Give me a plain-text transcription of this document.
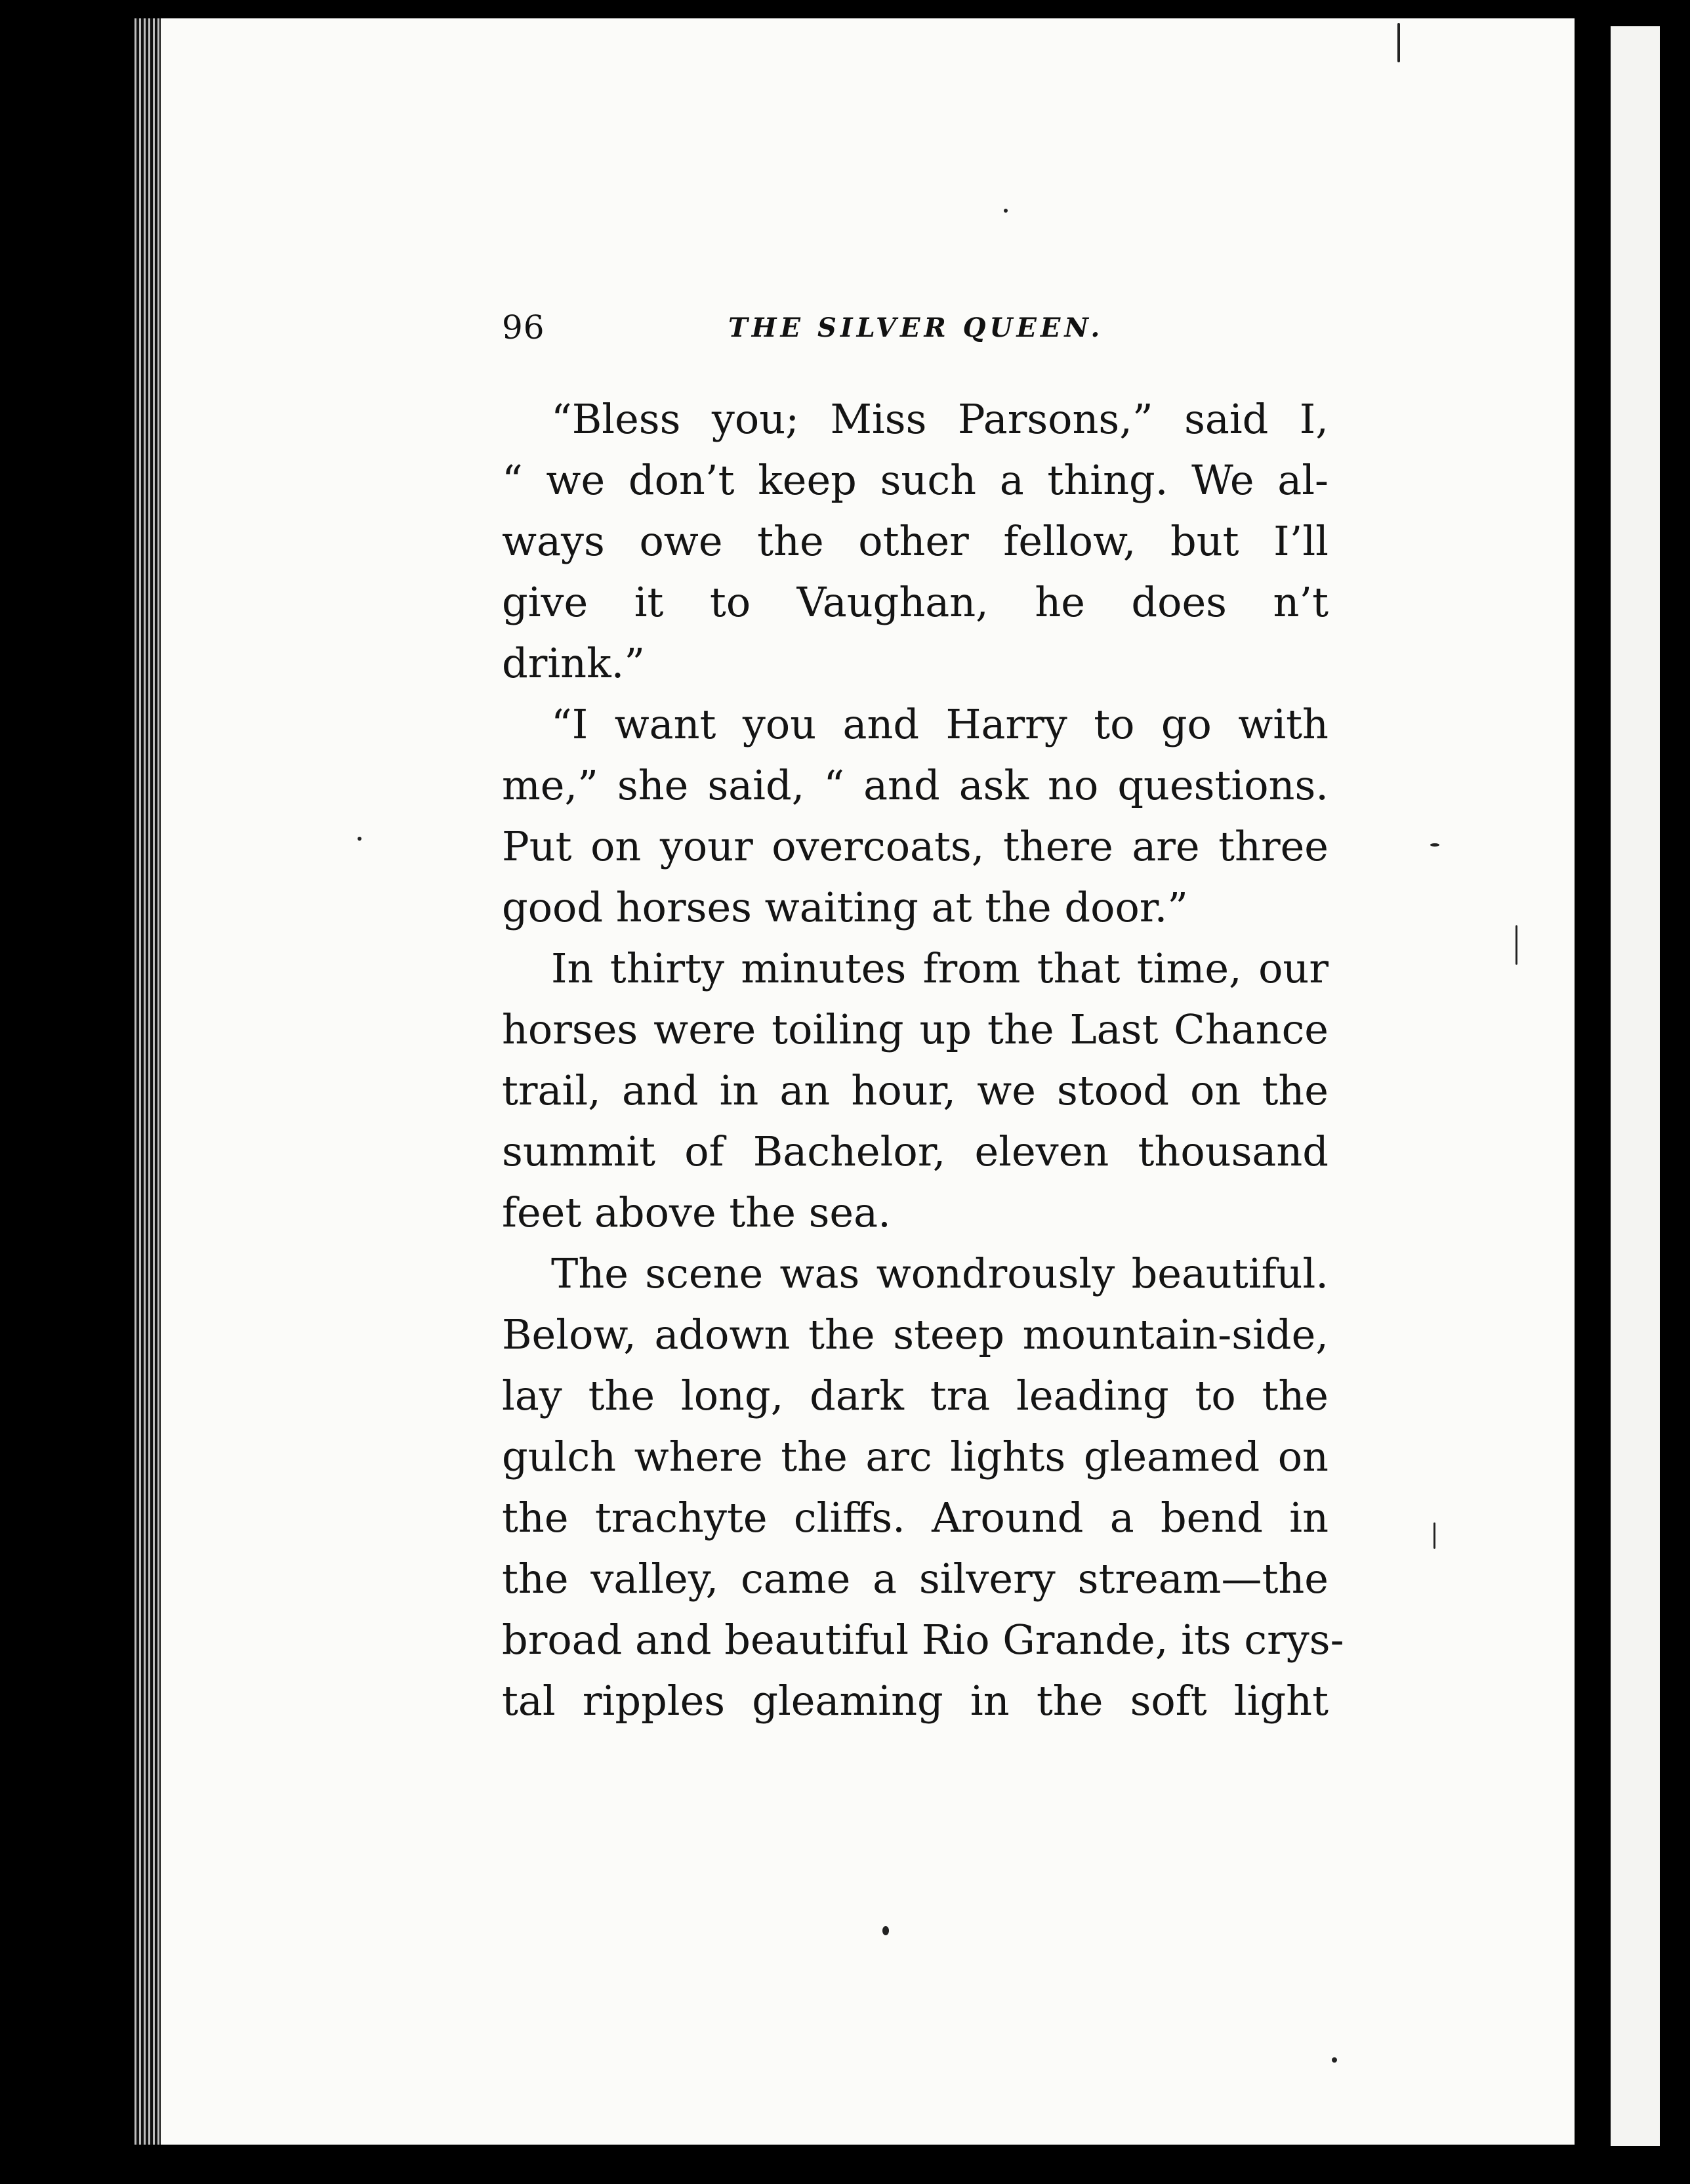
96	THE SILVER QUEEN.
“Bless you; Miss Parsons,” said I,
“ we don’t keep such a thing. We al-
ways owe the other fellow, but I’ll
give it to Vaughan, he does n’t
drink.”
“I want you and Harry to go with
me,” she said, “ and ask no questions.
Put on your overcoats, there are three
good horses waiting at the door.”
In thirty minutes from that time, our
horses were toiling up the Last Chance
trail, and in an hour, we stood on the
summit of Bachelor, eleven thousand
feet above the sea.
The scene was wondrously beautiful.
Below, adown the steep mountain-side,
lay the long, dark tra leading to the
gulch where the arc lights gleamed on
the trachyte cliffs. Around a bend in
the valley, came a silvery stream—the
broad and beautiful Rio Grande, its crys-
tal ripples gleaming in the soft light
